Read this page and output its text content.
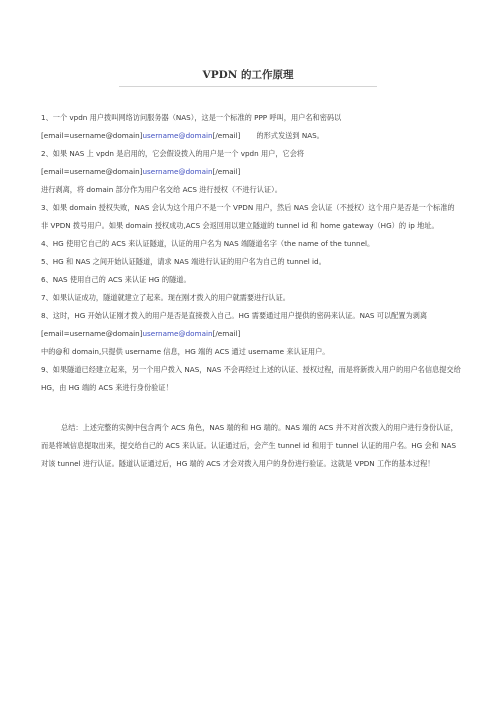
VPDN 的工作原理

1、一个 vpdn 用户拨叫网络访问服务器（NAS），这是一个标准的 PPP 呼叫，用户名和密码以
[email=username@domain]username@domain[/email] 的形式发送到 NAS。

2、如果 NAS 上 vpdn 是启用的，它会假设拨入的用户是一个 vpdn 用户，它会将
[email=username@domain]username@domain[/email]
进行剥离，将 domain 部分作为用户名交给 ACS 进行授权（不进行认证）。

3、如果 domain 授权失败，NAS 会认为这个用户不是一个 VPDN 用户，然后 NAS 会认证（不授权）这个用户是否是一个标准的非 VPDN 拨号用户。如果 domain 授权成功,ACS 会返回用以建立隧道的 tunnel id 和 home gateway（HG）的 ip 地址。

4、HG 使用它自己的 ACS 来认证隧道，认证的用户名为 NAS 端隧道名字（the name of the tunnel。

5、HG 和 NAS 之间开始认证隧道，请求 NAS 端进行认证的用户名为自己的 tunnel id。

6、NAS 使用自己的 ACS 来认证 HG 的隧道。

7、如果认证成功，隧道就建立了起来。现在刚才拨入的用户就需要进行认证。

8、这时，HG 开始认证刚才拨入的用户是否是直接拨入自己。HG 需要通过用户提供的密码来认证。NAS 可以配置为剥离[email=username@domain]username@domain[/email]
中的@和 domain,只提供 username 信息，HG 端的 ACS 通过 username 来认证用户。

9、如果隧道已经建立起来，另一个用户拨入 NAS，NAS 不会再经过上述的认证、授权过程，而是将新拨入用户的用户名信息提交给 HG，由 HG 端的 ACS 来进行身份验证！

总结：上述完整的实例中包含两个 ACS 角色，NAS 端的和 HG 端的。NAS 端的 ACS 并不对首次拨入的用户进行身份认证，而是将域信息提取出来，提交给自己的 ACS 来认证。认证通过后，会产生 tunnel id 和用于 tunnel 认证的用户名。HG 会和 NAS 对该 tunnel 进行认证。隧道认证通过后，HG 端的 ACS 才会对拨入用户的身份进行验证。这就是 VPDN 工作的基本过程！
